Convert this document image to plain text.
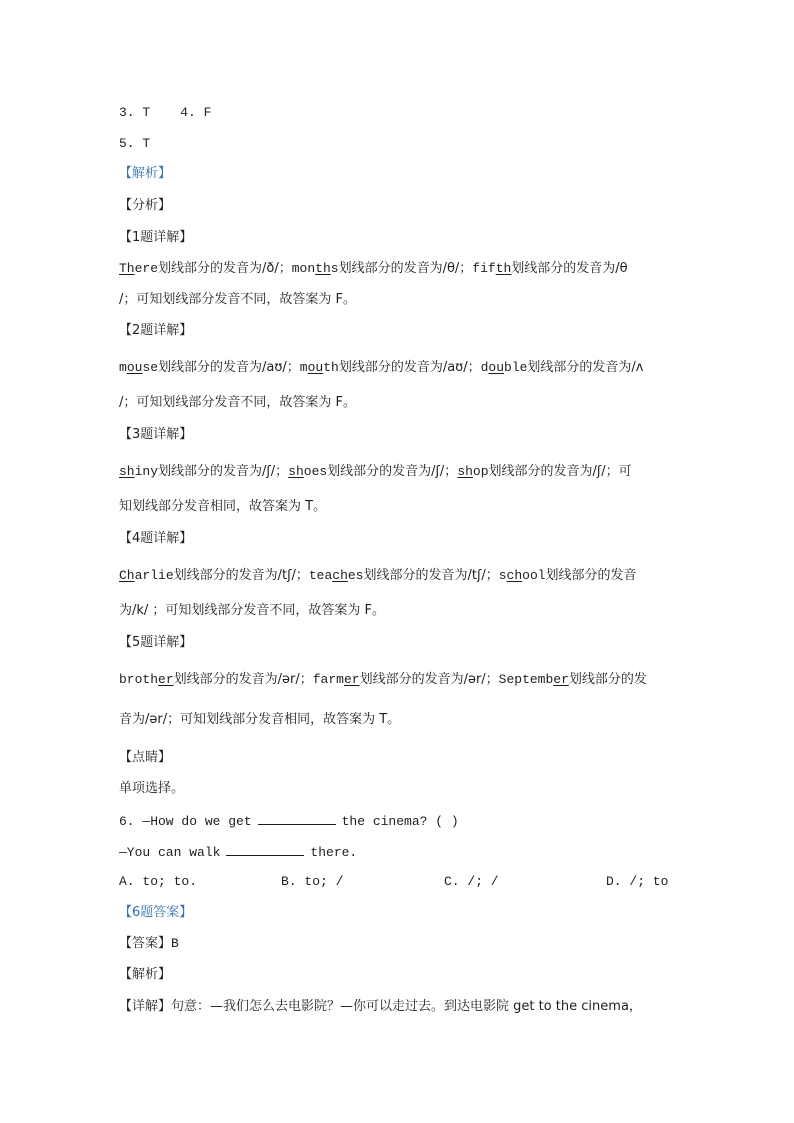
3. T 4. F
5. T
【解析】
【分析】
【1题详解】
There划线部分的发音为/ð/；months划线部分的发音为/θ/；fifth划线部分的发音为/θ
/；可知划线部分发音不同，故答案为 F。
【2题详解】
mouse划线部分的发音为/aʊ/；mouth划线部分的发音为/aʊ/；double划线部分的发音为/ʌ
/；可知划线部分发音不同，故答案为 F。
【3题详解】
shiny划线部分的发音为/ʃ/；shoes划线部分的发音为/ʃ/；shop划线部分的发音为/ʃ/；可
知划线部分发音相同，故答案为 T。
【4题详解】
Charlie划线部分的发音为/tʃ/；teaches划线部分的发音为/tʃ/；school划线部分的发音
为/k/ ；可知划线部分发音不同，故答案为 F。
【5题详解】
brother划线部分的发音为/ər/；farmer划线部分的发音为/ər/；September划线部分的发
音为/ər/；可知划线部分发音相同，故答案为 T。
【点睛】
单项选择。
6. —How do we get	the cinema? ( )
—You can walk	there.
A. to; to.	B. to; /	C. /; /	D. /; to
【6题答案】
【答案】B
【解析】
【详解】句意：—我们怎么去电影院？—你可以走过去。到达电影院 get to the cinema，
